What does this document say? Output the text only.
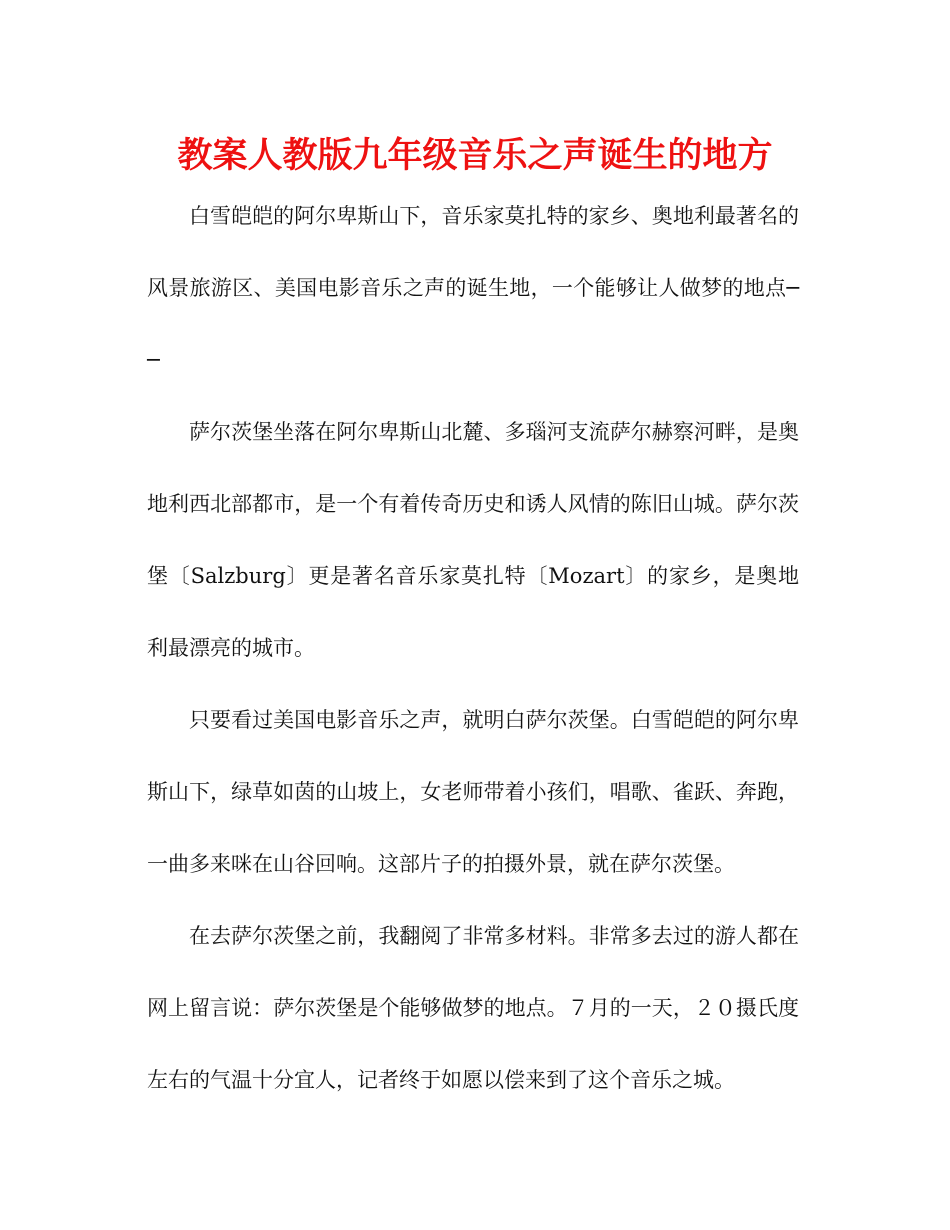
教案人教版九年级音乐之声诞生的地方

白雪皑皑的阿尔卑斯山下，音乐家莫扎特的家乡、奥地利最著名的风景旅游区、美国电影音乐之声的诞生地，一个能够让人做梦的地点──

萨尔茨堡坐落在阿尔卑斯山北麓、多瑙河支流萨尔赫察河畔，是奥地利西北部都市，是一个有着传奇历史和诱人风情的陈旧山城。萨尔茨堡〔Salzburg〕更是著名音乐家莫扎特〔Mozart〕的家乡，是奥地利最漂亮的城市。

只要看过美国电影音乐之声，就明白萨尔茨堡。白雪皑皑的阿尔卑斯山下，绿草如茵的山坡上，女老师带着小孩们，唱歌、雀跃、奔跑，一曲多来咪在山谷回响。这部片子的拍摄外景，就在萨尔茨堡。

在去萨尔茨堡之前，我翻阅了非常多材料。非常多去过的游人都在网上留言说：萨尔茨堡是个能够做梦的地点。７月的一天，２０摄氏度左右的气温十分宜人，记者终于如愿以偿来到了这个音乐之城。
